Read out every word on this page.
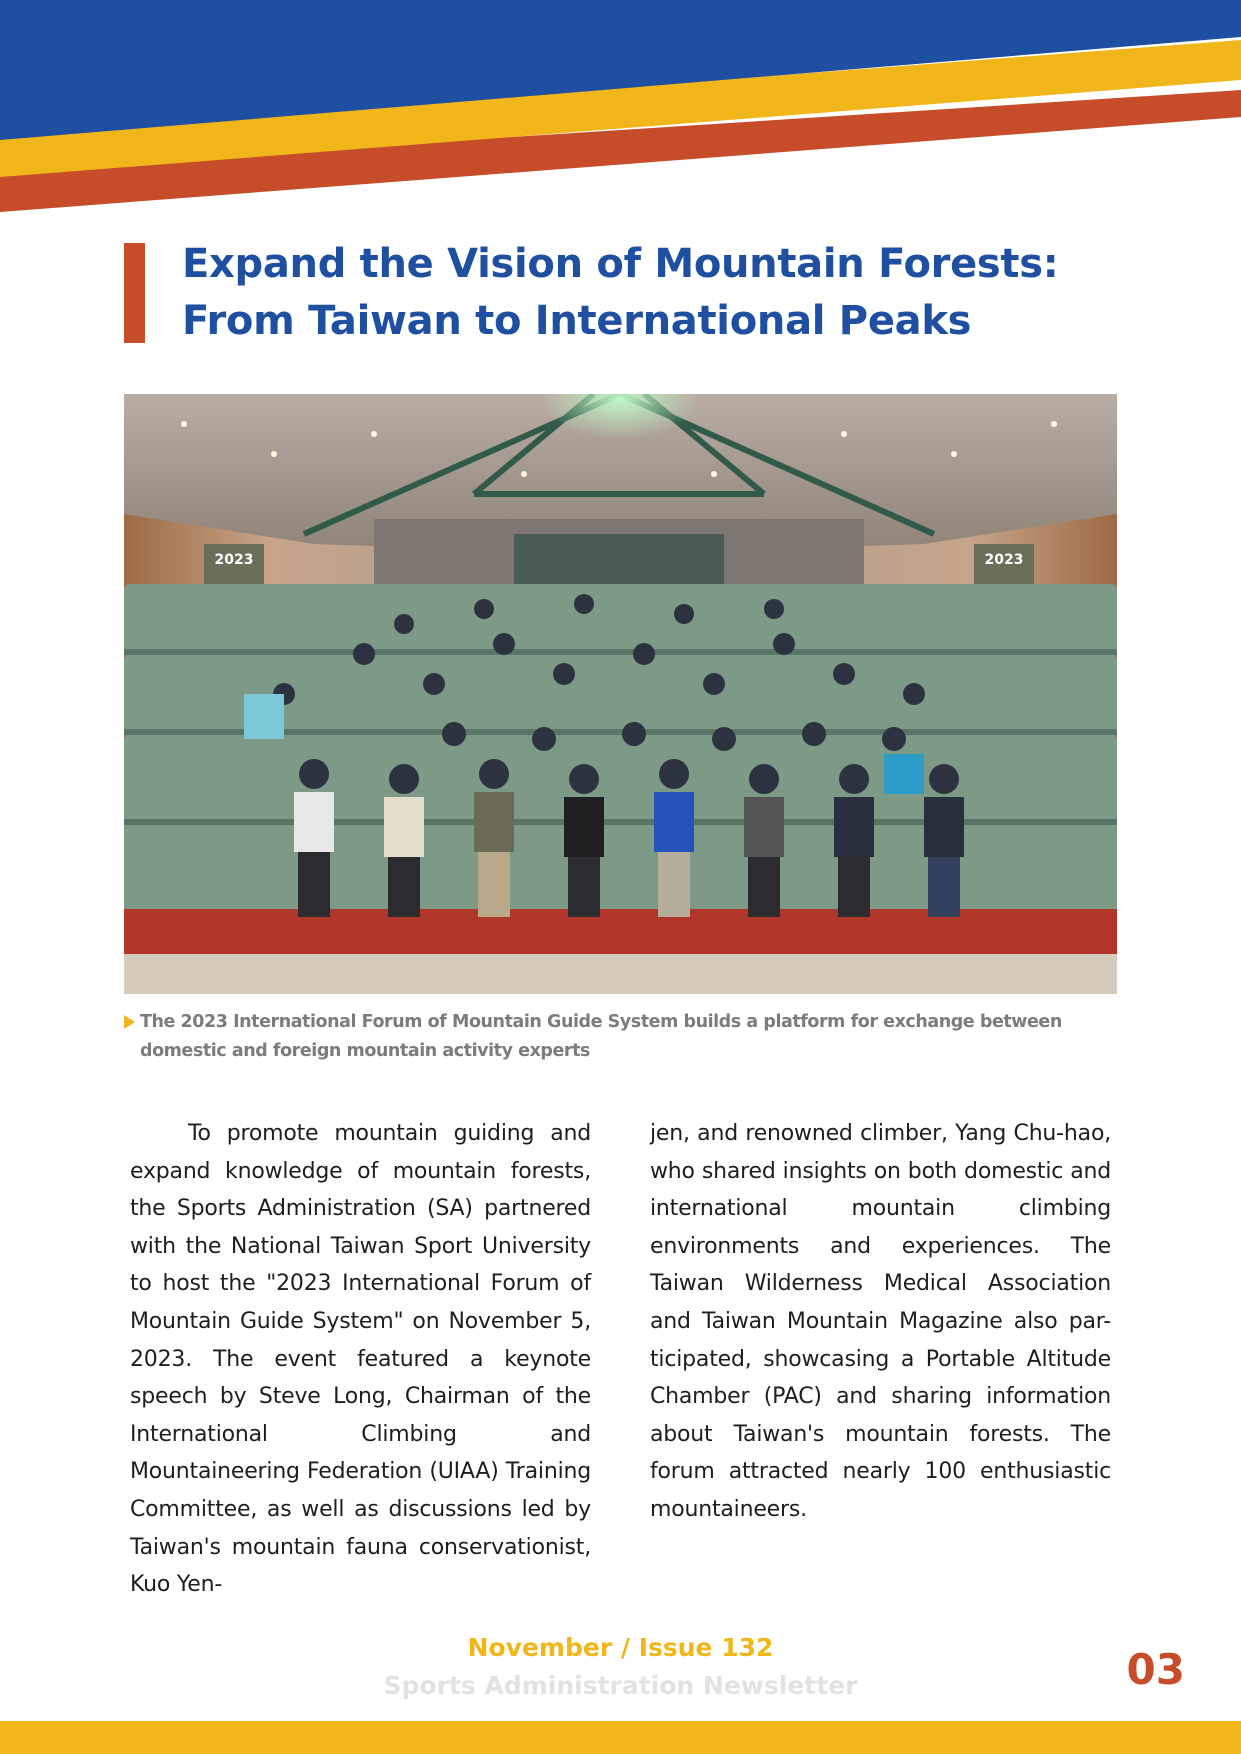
Expand the Vision of Mountain Forests:
From Taiwan to International Peaks
2023	2023
The 2023 International Forum of Mountain Guide System builds a platform for exchange between domestic and foreign mountain activity experts

To promote mountain guiding and expand knowledge of mountain forests, the Sports Administration (SA) partnered with the National Taiwan Sport University to host the "2023 International Forum of Mountain Guide System" on November 5, 2023. The event featured a keynote speech by Steve Long, Chairman of the International Climbing and Mountaineering Federation (UIAA) Training Committee, as well as discussions led by Taiwan's mountain fauna conservationist, Kuo Yen-

jen, and renowned climber, Yang Chu-hao, who shared insights on both domestic and international mountain climbing environments and experiences. The Taiwan Wilderness Medical Association and Taiwan Mountain Magazine also par-ticipated, showcasing a Portable Altitude Chamber (PAC) and sharing information about Taiwan's mountain forests. The forum attracted nearly 100 enthusiastic mountaineers.

November / Issue 132
Sports Administration Newsletter	03
